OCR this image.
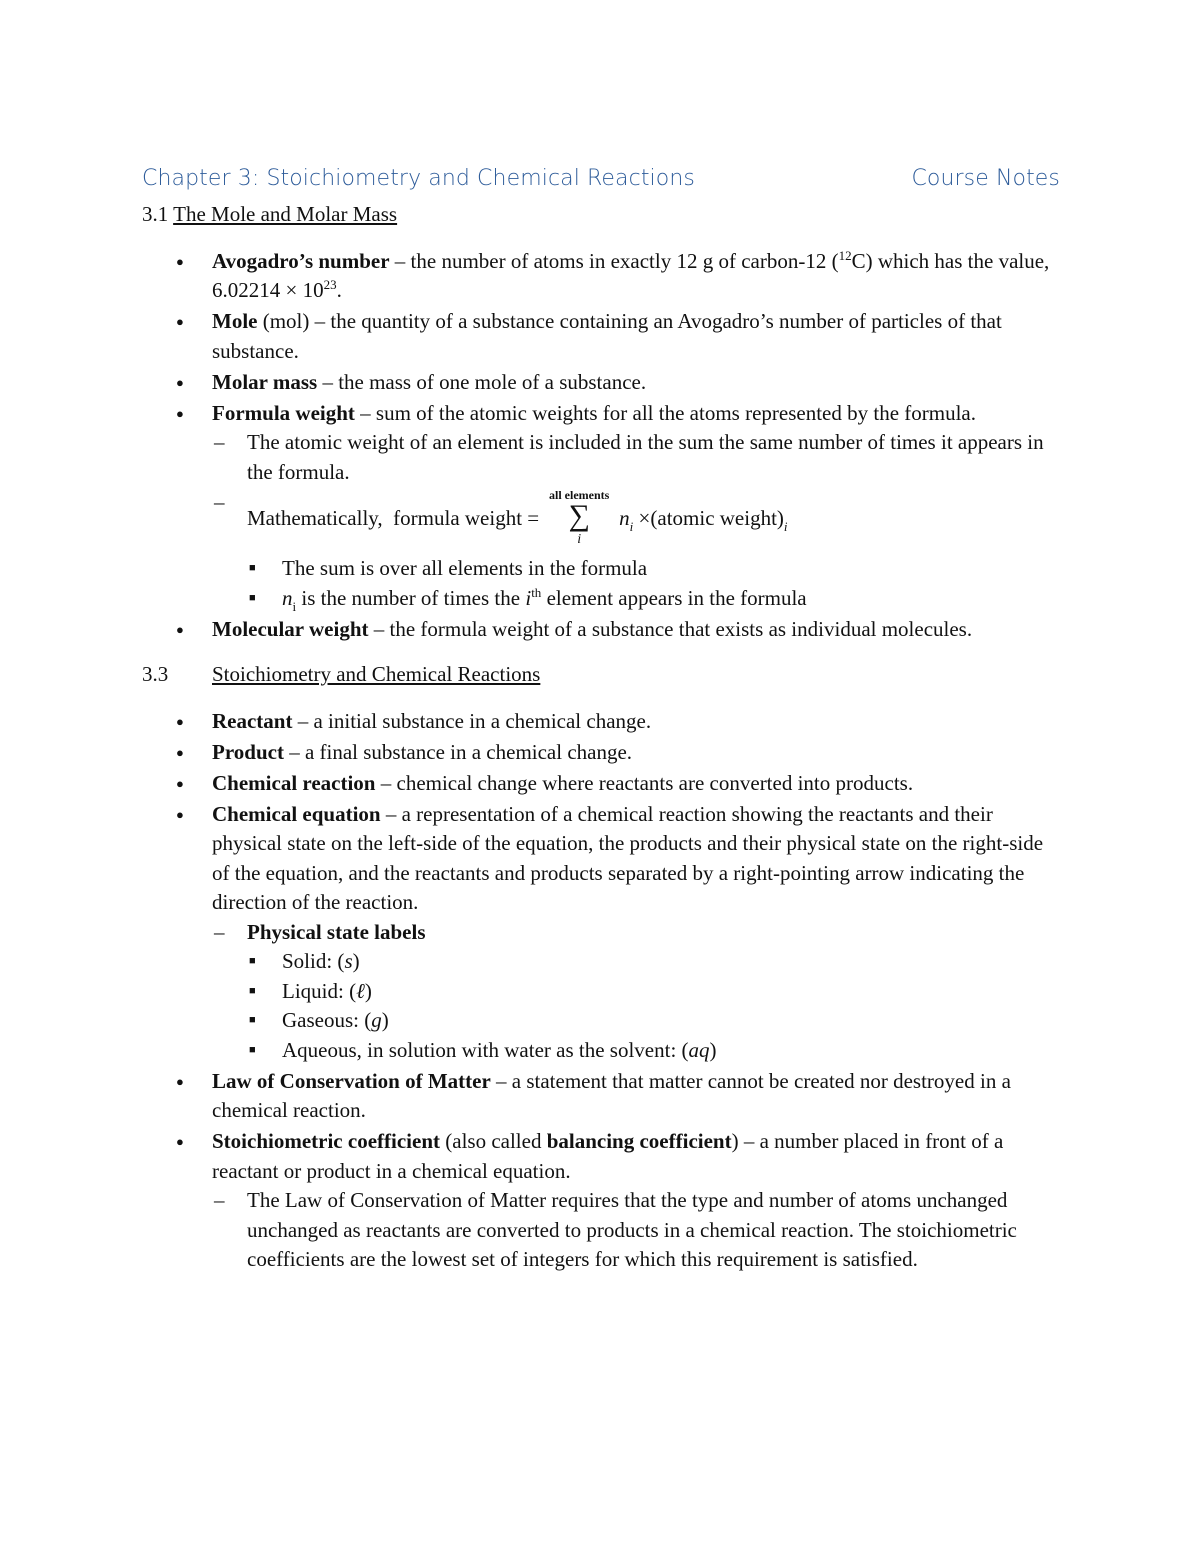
Chapter 3: Stoichiometry and Chemical Reactions	Course Notes
3.1 The Mole and Molar Mass
● Avogadro’s number – the number of atoms in exactly 12 g of carbon-12 ($^{12}$C) which has the value, $6.02214 \times 10^{23}$.
● Mole (mol) – the quantity of a substance containing an Avogadro’s number of particles of that substance.
● Molar mass – the mass of one mole of a substance.
● Formula weight – sum of the atomic weights for all the atoms represented by the formula.
– The atomic weight of an element is included in the sum the same number of times it appears in the formula.
– Mathematically,  formula weight =
all elements
∑
i
$n_i$ ×(atomic $weight)_i$
■ The sum is over all elements in the formula
■ $n_i$ is the number of times the $i^{th}$ element appears in the formula
● Molecular weight – the formula weight of a substance that exists as individual molecules.
3.3	Stoichiometry and Chemical Reactions
● Reactant – a initial substance in a chemical change.
● Product – a final substance in a chemical change.
● Chemical reaction – chemical change where reactants are converted into products.
● Chemical equation – a representation of a chemical reaction showing the reactants and their physical state on the left-side of the equation, the products and their physical state on the right-side of the equation, and the reactants and products separated by a right-pointing arrow indicating the direction of the reaction.
– Physical state labels
■ Solid: (s)
■ Liquid: (ℓ)
■ Gaseous: (g)
■ Aqueous, in solution with water as the solvent: (aq)
● Law of Conservation of Matter – a statement that matter cannot be created nor destroyed in a chemical reaction.
● Stoichiometric coefficient (also called balancing coefficient) – a number placed in front of a reactant or product in a chemical equation.
– The Law of Conservation of Matter requires that the type and number of atoms unchanged unchanged as reactants are converted to products in a chemical reaction. The stoichiometric coefficients are the lowest set of integers for which this requirement is satisfied.
